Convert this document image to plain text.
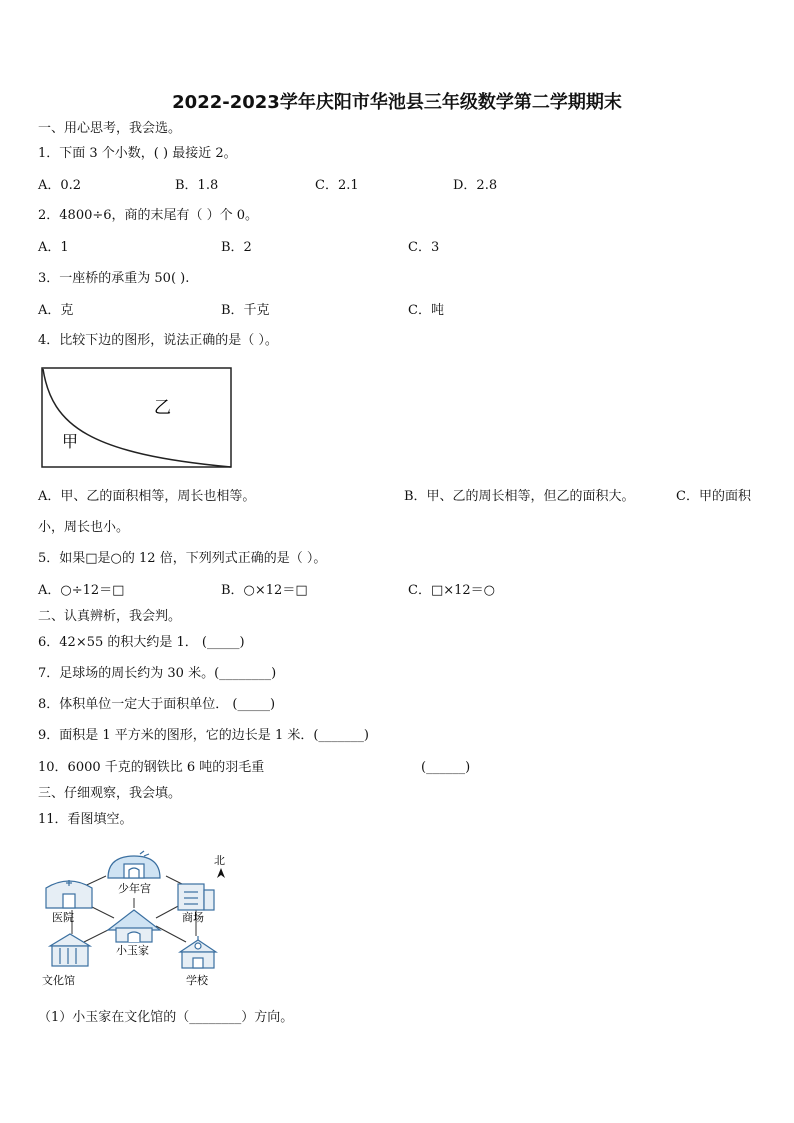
2022-2023学年庆阳市华池县三年级数学第二学期期末
一、用心思考，我会选。
1．下面 3 个小数，( ) 最接近 2。
A．0.2	B．1.8	C．2.1	D．2.8
2．4800÷6，商的末尾有（ ）个 0。
A．1	B．2	C．3
3．一座桥的承重为 50( ).
A．克	B．千克	C．吨
4．比较下边的图形，说法正确的是（ ）。
甲
乙
A．甲、乙的面积相等，周长也相等。	B．甲、乙的周长相等，但乙的面积大。	C．甲的面积
小，周长也小。
5．如果□是○的 12 倍，下列列式正确的是（ ）。
A．○÷12＝□	B．○×12＝□	C．□×12＝○
二、认真辨析，我会判。
6．42×55 的积大约是 1． (_____)
7．足球场的周长约为 30 米。(________)
8．体积单位一定大于面积单位． (_____)
9．面积是 1 平方米的图形，它的边长是 1 米．(_______)
10．6000 千克的钢铁比 6 吨的羽毛重	(______)
三、仔细观察，我会填。
11．看图填空。
少年宫
医院	商场
北
小玉家
文化馆	学校
（1）小玉家在文化馆的（________）方向。
